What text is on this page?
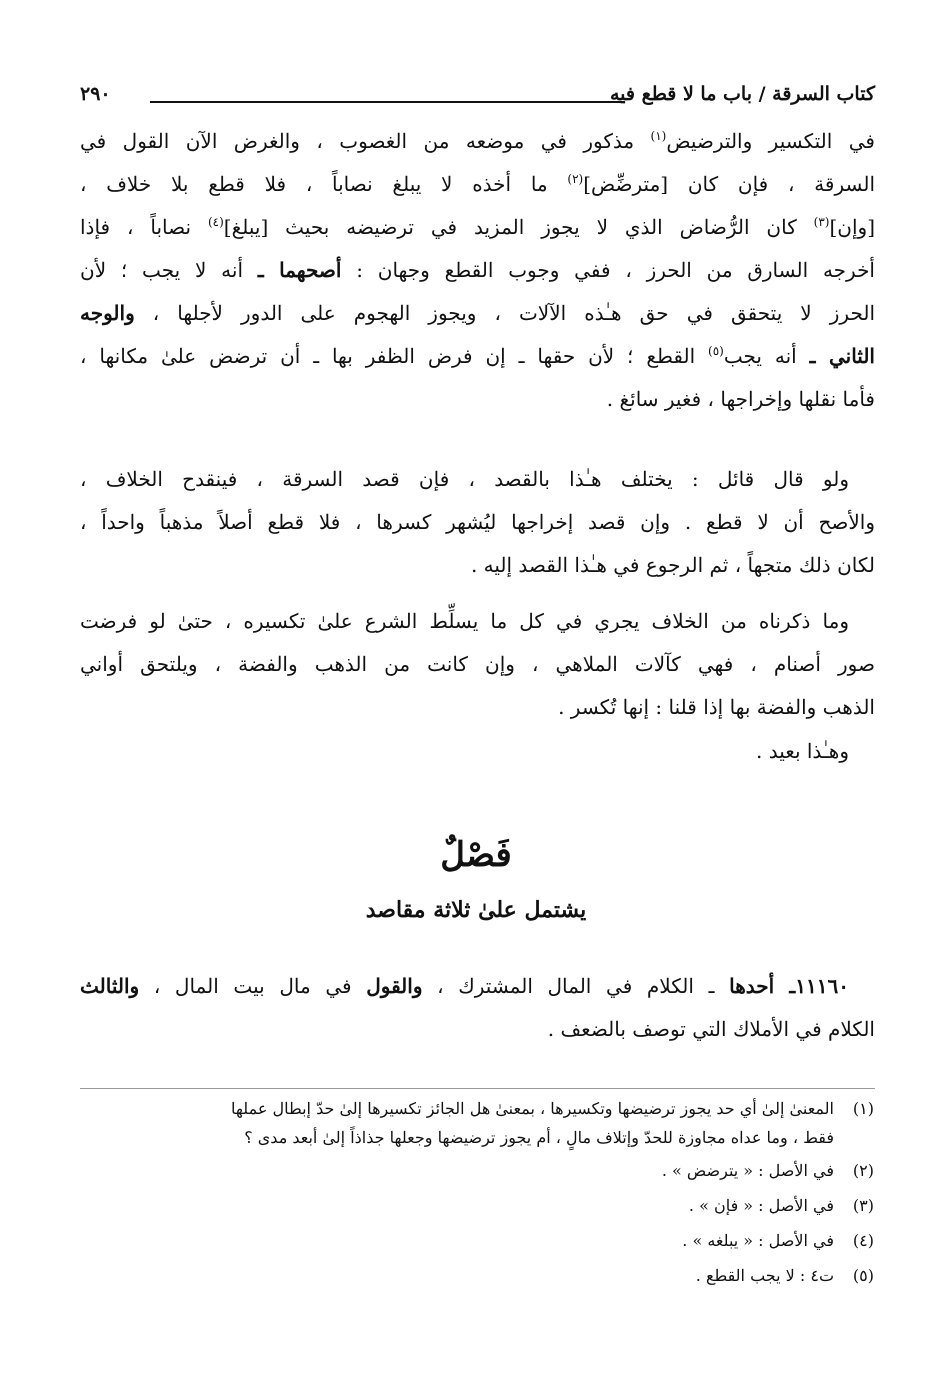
كتاب السرقة / باب ما لا قطع فيه
٢٩٠
في التكسير والترضيض$^{(١)}$ مذكور في موضعه من الغصوب ، والغرض الآن القول في
السرقة ، فإن كان [مترضِّض]$^{(٢)}$ ما أخذه لا يبلغ نصاباً ، فلا قطع بلا خلاف ،
[وإن]$^{(٣)}$ كان الرُّضاض الذي لا يجوز المزيد في ترضيضه بحيث [يبلغ]$^{(٤)}$ نصاباً ، فإذا
أخرجه السارق من الحرز ، ففي وجوب القطع وجهان : أصحهما ـ أنه لا يجب ؛ لأن
الحرز لا يتحقق في حق هـٰذه الآلات ، ويجوز الهجوم على الدور لأجلها ، والوجه
الثاني ـ أنه يجب$^{(٥)}$ القطع ؛ لأن حقها ـ إن فرض الظفر بها ـ أن ترضض علىٰ مكانها ،
فأما نقلها وإخراجها ، فغير سائغ .
ولو قال قائل : يختلف هـٰذا بالقصد ، فإن قصد السرقة ، فينقدح الخلاف ،
والأصح أن لا قطع . وإن قصد إخراجها ليُشهر كسرها ، فلا قطع أصلاً مذهباً واحداً ،
لكان ذلك متجهاً ، ثم الرجوع في هـٰذا القصد إليه .
وما ذكرناه من الخلاف يجري في كل ما يسلِّط الشرع علىٰ تكسيره ، حتىٰ لو فرضت
صور أصنام ، فهي كآلات الملاهي ، وإن كانت من الذهب والفضة ، ويلتحق أواني
الذهب والفضة بها إذا قلنا : إنها تُكسر .
وهـٰذا بعيد .
١١١٦٠ـ أحدها ـ الكلام في المال المشترك ، والقول في مال بيت المال ، والثالث
الكلام في الأملاك التي توصف بالضعف .
فَصْلٌ
يشتمل علىٰ ثلاثة مقاصد
(١)المعنىٰ إلىٰ أي حد يجوز ترضيضها وتكسيرها ، بمعنىٰ هل الجائز تكسيرها إلىٰ حدّ إبطال عملها
فقط ، وما عداه مجاوزة للحدّ وإتلاف مالٍ ، أم يجوز ترضيضها وجعلها جذاذاً إلىٰ أبعد مدى ؟
(٢)في الأصل : « يترضض » .
(٣)في الأصل : « فإن » .
(٤)في الأصل : « يبلغه » .
(٥)ت٤ : لا يجب القطع .
